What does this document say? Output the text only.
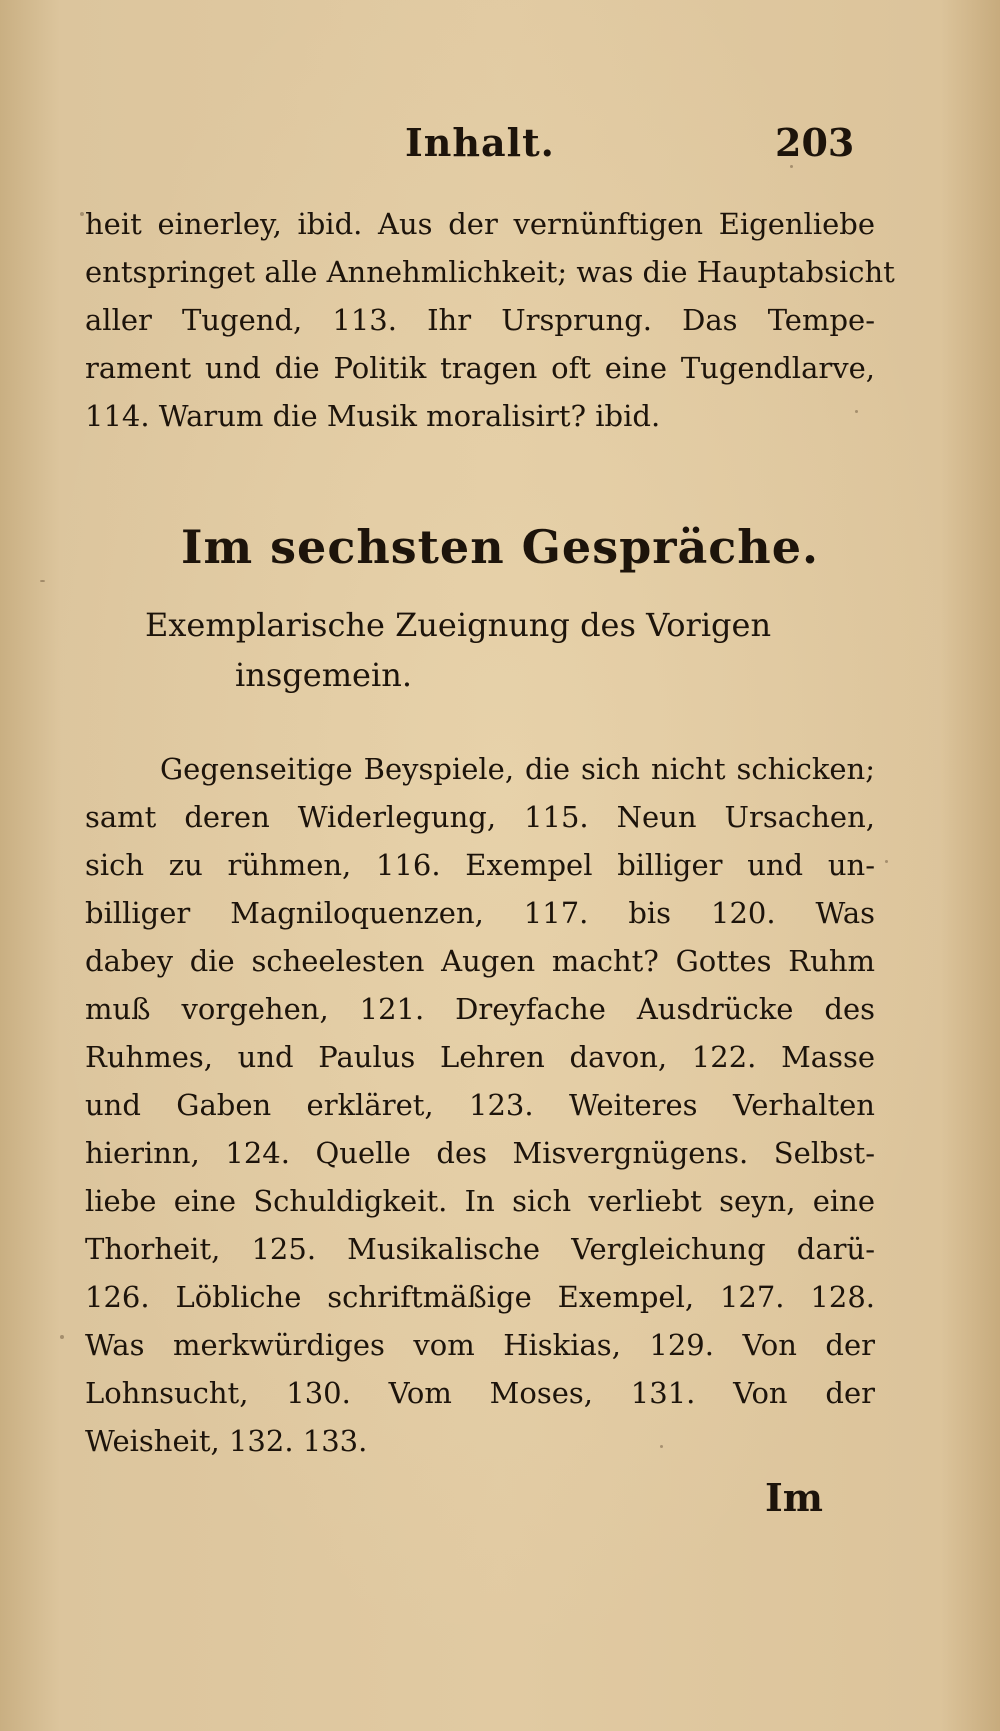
Inhalt.	203
heit einerley, ibid. Aus der vernünftigen Eigenliebe
entspringet alle Annehmlichkeit; was die Hauptabsicht
aller Tugend, 113. Ihr Ursprung. Das Tempe-
rament und die Politik tragen oft eine Tugendlarve,
114. Warum die Musik moralisirt? ibid.
Im sechsten Gespräche.
Exemplarische Zueignung des Vorigen
insgemein.
Gegenseitige Beyspiele, die sich nicht schicken;
samt deren Widerlegung, 115. Neun Ursachen,
sich zu rühmen, 116. Exempel billiger und un-
billiger Magniloquenzen, 117. bis 120. Was
dabey die scheelesten Augen macht? Gottes Ruhm
muß vorgehen, 121. Dreyfache Ausdrücke des
Ruhmes, und Paulus Lehren davon, 122. Masse
und Gaben erkläret, 123. Weiteres Verhalten
hierinn, 124. Quelle des Misvergnügens. Selbst-
liebe eine Schuldigkeit. In sich verliebt seyn, eine
Thorheit, 125. Musikalische Vergleichung darü-
126. Löbliche schriftmäßige Exempel, 127. 128.
Was merkwürdiges vom Hiskias, 129. Von der
Lohnsucht, 130. Vom Moses, 131. Von der
Weisheit, 132. 133.
Im
